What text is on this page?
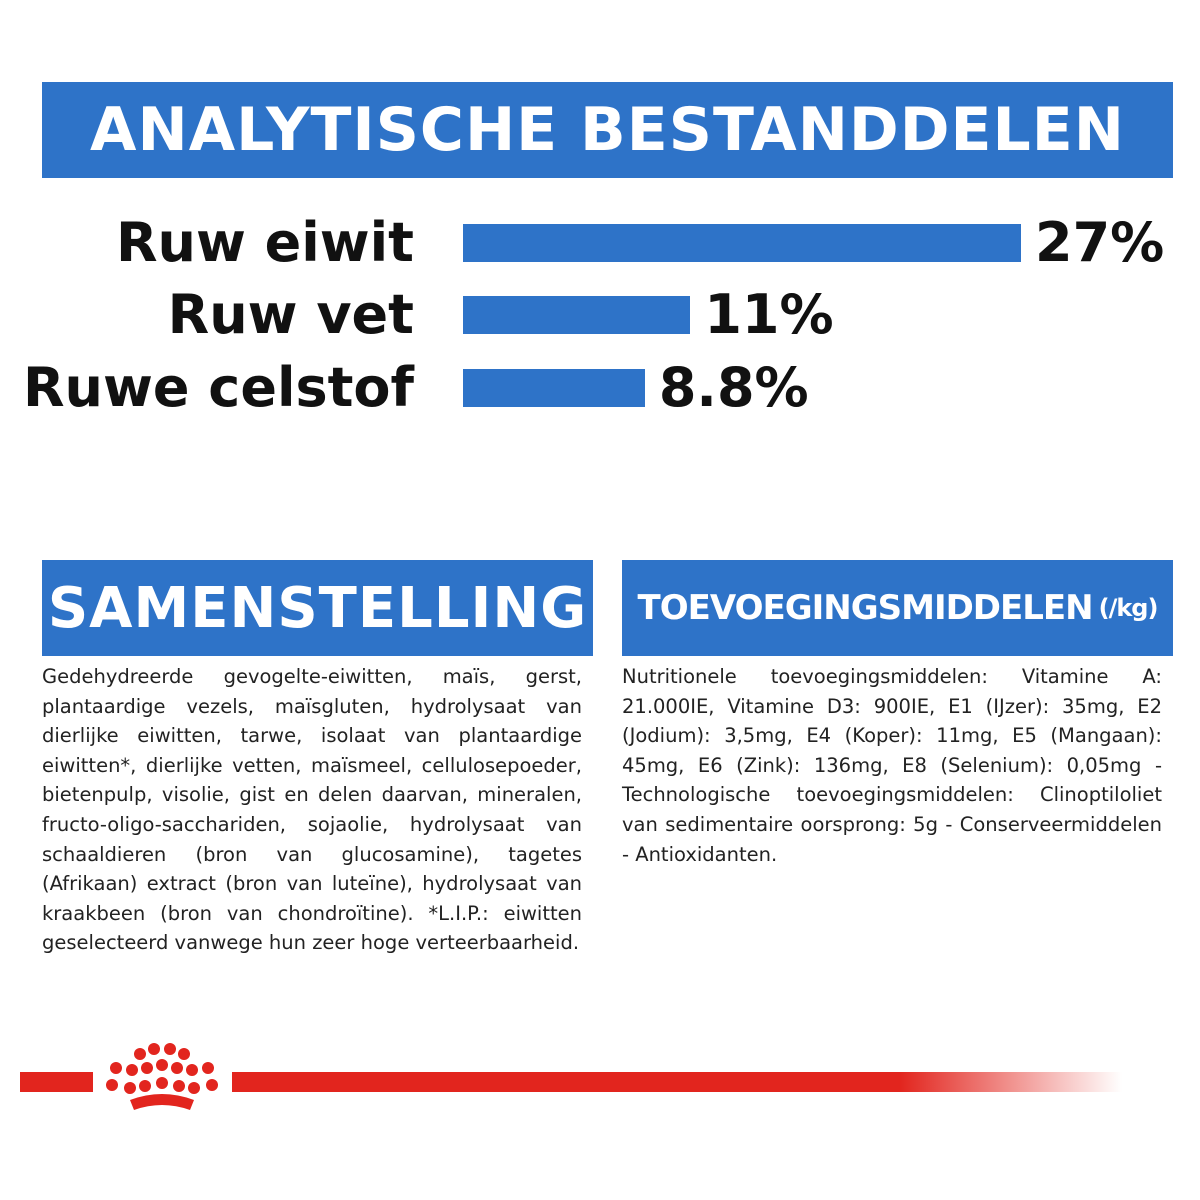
ANALYTISCHE BESTANDDELEN
Ruw eiwit	27%
Ruw vet	11%
Ruwe celstof	8.8%
SAMENSTELLING TOEVOEGINGSMIDDELEN (/kg)
Gedehydreerde gevogelte-eiwitten, maïs, gerst, plantaardige vezels, maïsgluten, hydrolysaat van dierlijke eiwitten, tarwe, isolaat van plantaardige eiwitten*, dierlijke vetten, maïsmeel, cellulosepoeder, bietenpulp, visolie, gist en delen daarvan, mineralen, fructo-oligo-sacchariden, sojaolie, hydrolysaat van schaaldieren (bron van glucosamine), tagetes (Afrikaan) extract (bron van luteïne), hydrolysaat van kraakbeen (bron van chondroïtine). *L.I.P.: eiwitten geselecteerd vanwege hun zeer hoge verteerbaarheid.
Nutritionele toevoegingsmiddelen: Vitamine A: 21.000IE, Vitamine D3: 900IE, E1 (IJzer): 35mg, E2 (Jodium): 3,5mg, E4 (Koper): 11mg, E5 (Mangaan): 45mg, E6 (Zink): 136mg, E8 (Selenium): 0,05mg - Technologische toevoegingsmiddelen: Clinoptiloliet van sedimentaire oorsprong: 5g - Conserveermiddelen - Antioxidanten.
